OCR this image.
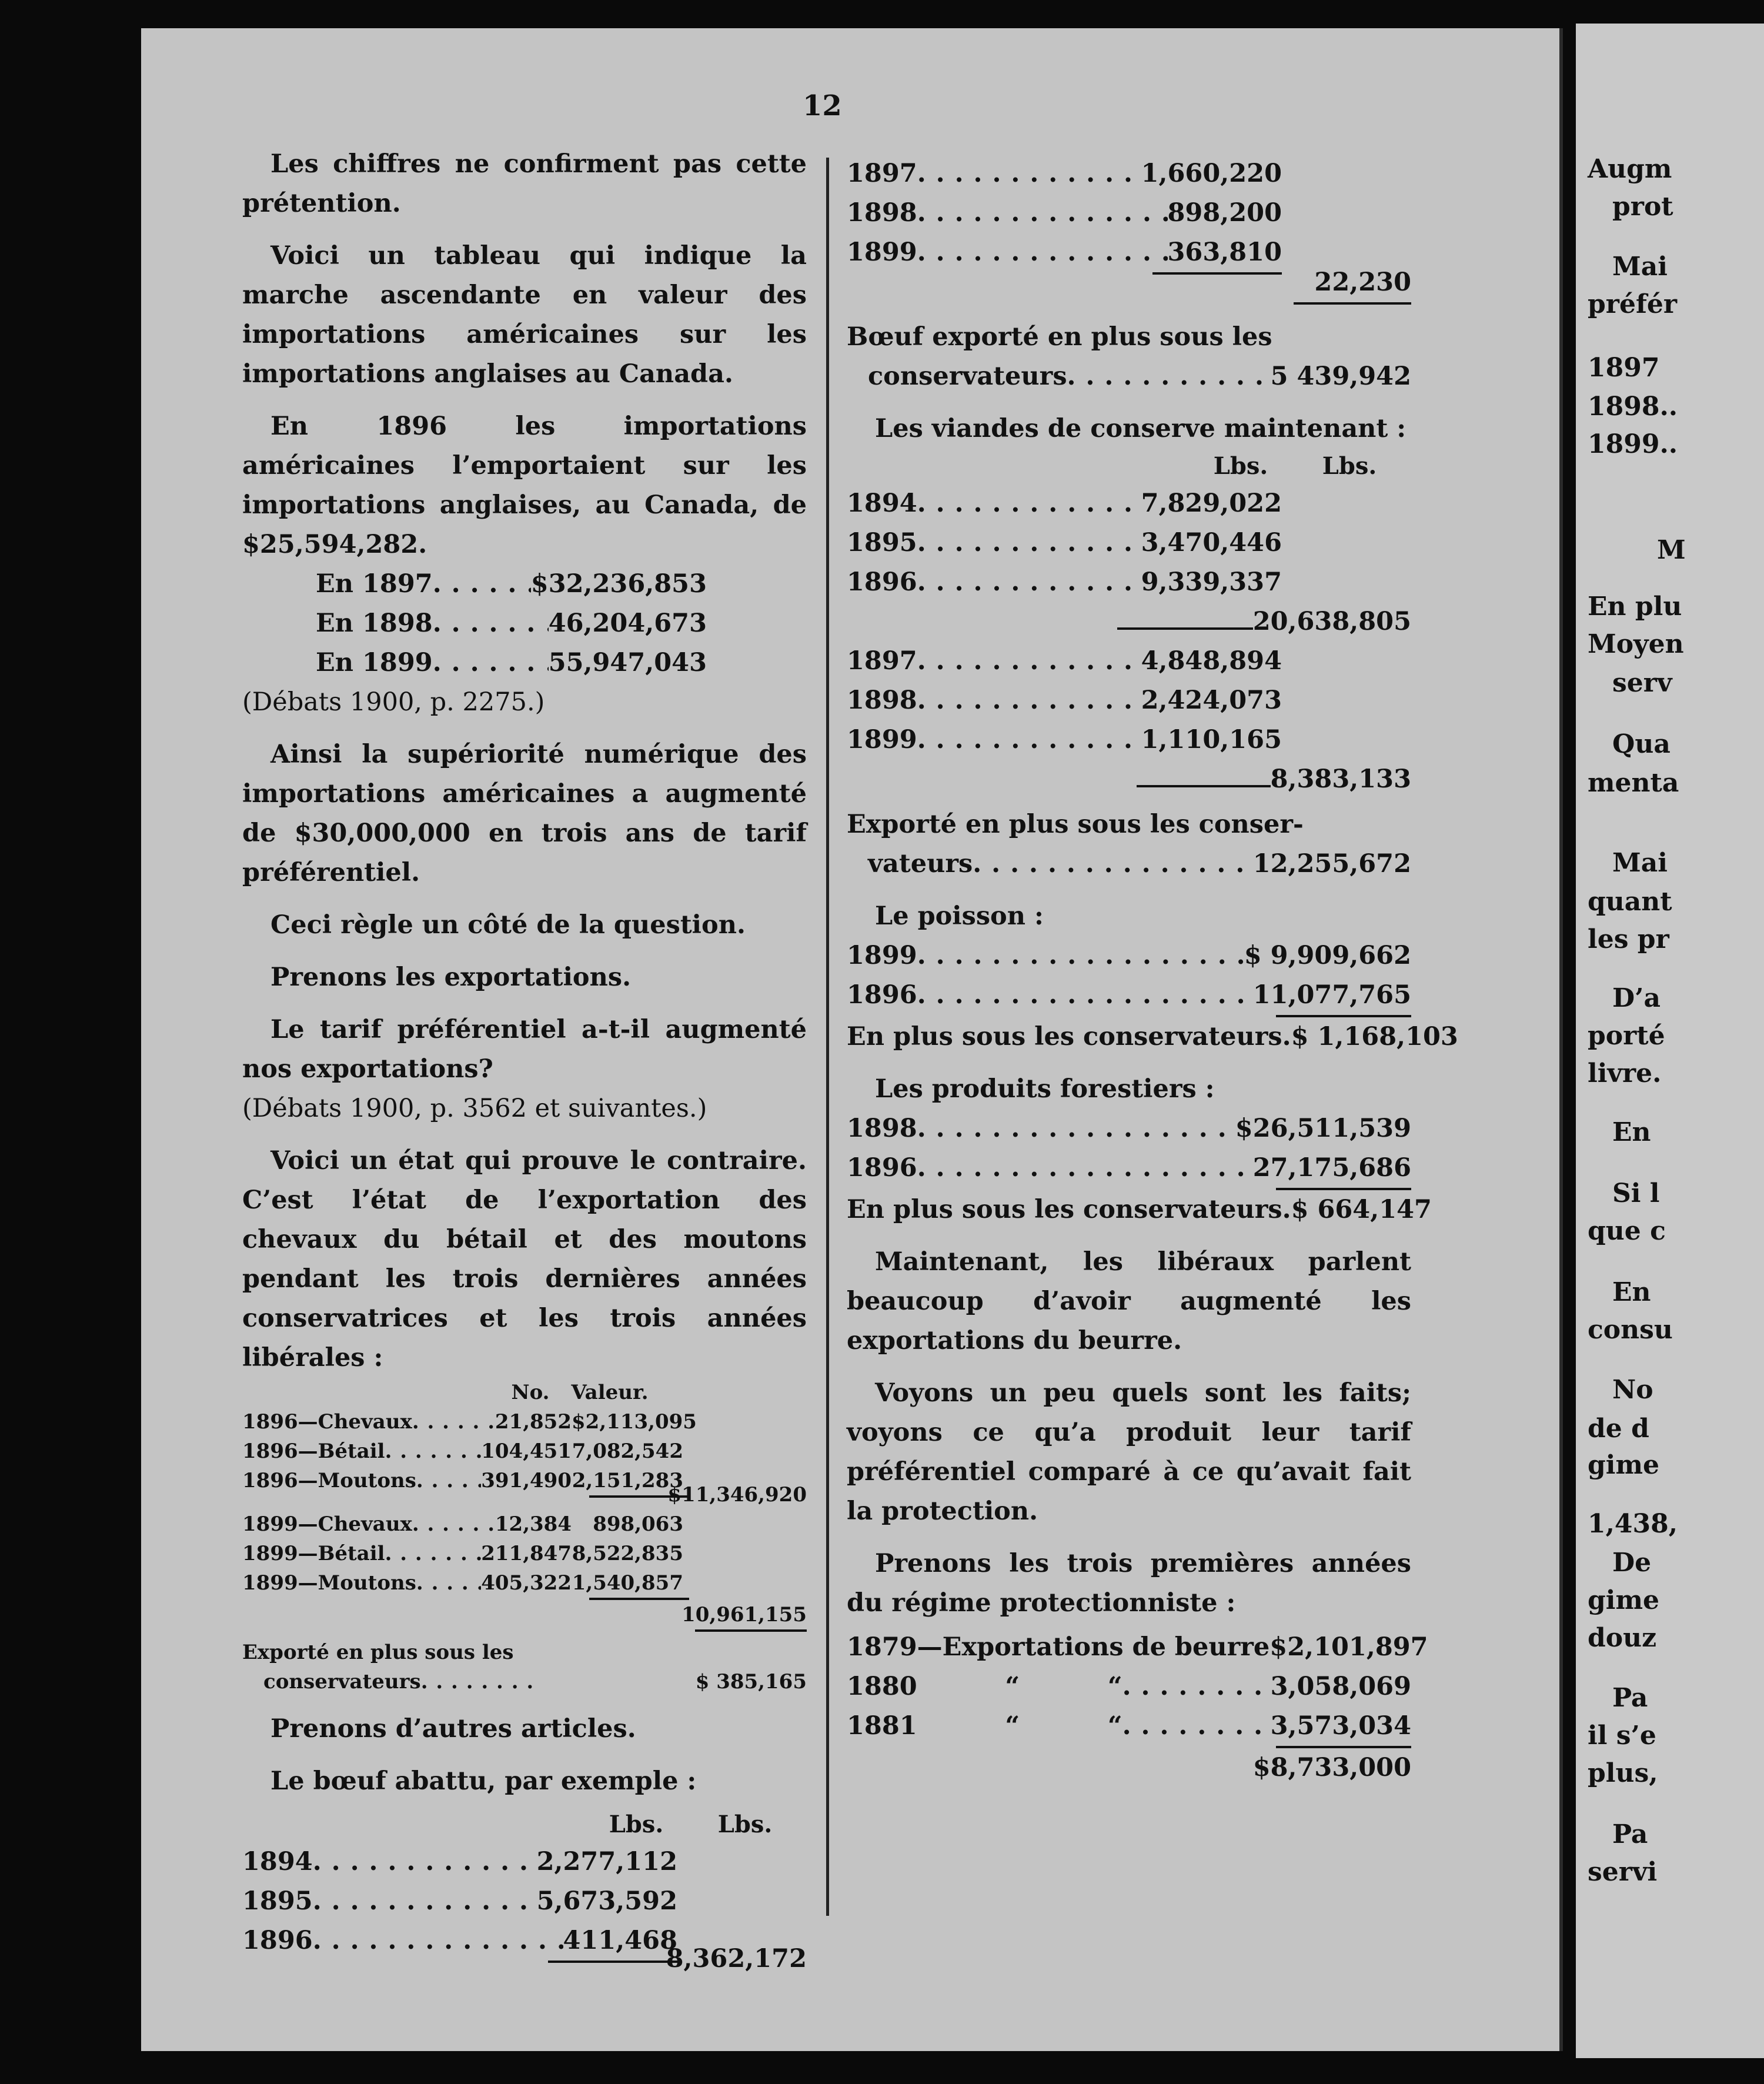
12

Les chiffres ne confirment pas cette prétention.

Voici un tableau qui indique la marche ascendante en valeur des importations américaines sur les importations anglaises au Canada.

En 1896 les importations américaines l’emportaient sur les importations anglaises, au Canada, de $25,594,282.

En 1897 . . .	$32,236,853
En 1898 . . .	46,204,673
En 1899 . . .	55,947,043

(Débats 1900, p. 2275.)

Ainsi la supériorité numérique des importations américaines a augmenté de $30,000,000 en trois ans de tarif préférentiel.

Ceci règle un côté de la question.

Prenons les exportations.

Le tarif préférentiel a-t-il augmenté nos exportations?

(Débats 1900, p. 3562 et suivantes.)

Voici un état qui prouve le contraire. C’est l’état de l’exportation des chevaux du bétail et des moutons pendant les trois dernières années conservatrices et les trois années libérales :

No.	Valeur.
1896—Chevaux . . .	21,852 $2,113,095
1896—Bétail . . .	104,451 7,082,542
1896—Moutons . . .	391,490 2,151,283
$11,346,920
1899—Chevaux . . .	12,384	898,063
1899—Bétail . . .	211,847 8,522,835
1899—Moutons . . .	405,322 1,540,857
10,961,155
Exporté en plus sous les
conservateurs . . .	$ 385,165

Prenons d’autres articles.

Le bœuf abattu, par exemple :

Lbs.	Lbs.
1894 . . .	2,277,112
1895 . . .	5,673,592
1896 . . .	411,468
8,362,172
1897 . . .	1,660,220
1898 . . .	898,200
1899 . . .	363,810
22,230
Bœuf exporté en plus sous les
conservateurs . . .	5 439,942

Les viandes de conserve maintenant :

Lbs.	Lbs.
1894 . . .	7,829,022
1895 . . .	3,470,446
1896 . . .	9,339,337
20,638,805
1897 . . .	4,848,894
1898 . . .	2,424,073
1899 . . .	1,110,165
8,383,133
Exporté en plus sous les conser-
vateurs . . .	12,255,672

Le poisson :

1899 . . .	$ 9,909,662
1896 . . .	11,077,765
En plus sous les conservateurs. $ 1,168,103

Les produits forestiers :

1898 . . .	$26,511,539
1896 . . .	27,175,686
En plus sous les conservateurs. $ 664,147

Maintenant, les libéraux parlent beaucoup d’avoir augmenté les exportations du beurre.

Voyons un peu quels sont les faits; voyons ce qu’a produit leur tarif préférentiel comparé à ce qu’avait fait la protection.

Prenons les trois premières années du régime protectionniste :

1879—Exportations de beurre $2,101,897
1880          “          “ . . .	3,058,069
1881          “          “ . . .	3,573,034
$8,733,000
Augm
prot
Mai
préfér
1897
1898..
1899..
M
En plu
Moyen
serv
Qua
menta
Mai
quant
les pr
D’a
porté
livre.
En
Si l
que c
En
consu
No
de d
gime
1,438,
De
gime
douz
Pa
il s’e
plus,
Pa
servi
